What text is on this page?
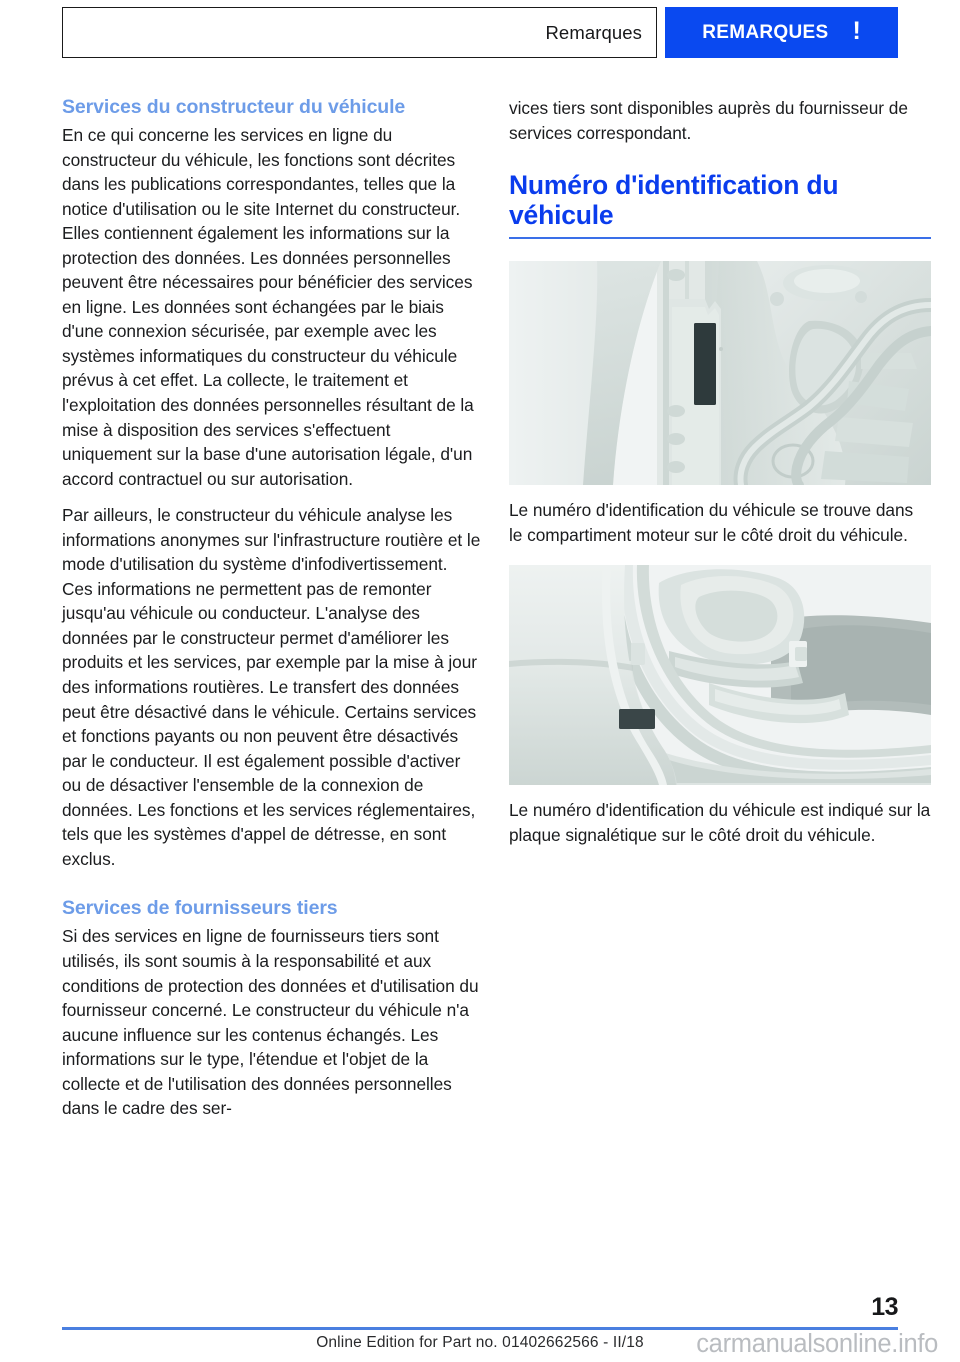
Remarques	REMARQUES !
Services du constructeur du véhicule

En ce qui concerne les services en ligne du constructeur du véhicule, les fonctions sont décrites dans les publications correspondantes, telles que la notice d'utilisation ou le site Internet du constructeur. Elles contiennent également les informations sur la protection des données. Les données personnelles peuvent être nécessaires pour bénéficier des services en ligne. Les données sont échangées par le biais d'une connexion sécurisée, par exemple avec les systèmes informatiques du constructeur du véhicule prévus à cet effet. La collecte, le traitement et l'exploitation des données personnelles résultant de la mise à disposition des services s'effectuent uniquement sur la base d'une autorisation légale, d'un accord contractuel ou sur autorisation.

Par ailleurs, le constructeur du véhicule analyse les informations anonymes sur l'infrastructure routière et le mode d'utilisation du système d'infodivertissement. Ces informations ne permettent pas de remonter jusqu'au véhicule ou conducteur. L'analyse des données par le constructeur permet d'améliorer les produits et les services, par exemple par la mise à jour des informations routières. Le transfert des données peut être désactivé dans le véhicule. Certains services et fonctions payants ou non peuvent être désactivés par le conducteur. Il est également possible d'activer ou de désactiver l'ensemble de la connexion de données. Les fonctions et les services réglementaires, tels que les systèmes d'appel de détresse, en sont exclus.

Services de fournisseurs tiers

Si des services en ligne de fournisseurs tiers sont utilisés, ils sont soumis à la responsabilité et aux conditions de protection des données et d'utilisation du fournisseur concerné. Le constructeur du véhicule n'a aucune influence sur les contenus échangés. Les informations sur le type, l'étendue et l'objet de la collecte et de l'utilisation des données personnelles dans le cadre des ser-

vices tiers sont disponibles auprès du fournisseur de services correspondant.

Numéro d'identification du véhicule

Le numéro d'identification du véhicule se trouve dans le compartiment moteur sur le côté droit du véhicule.

Le numéro d'identification du véhicule est indiqué sur la plaque signalétique sur le côté droit du véhicule.

13
Online Edition for Part no. 01402662566 - II/18	carmanualsonline.info
